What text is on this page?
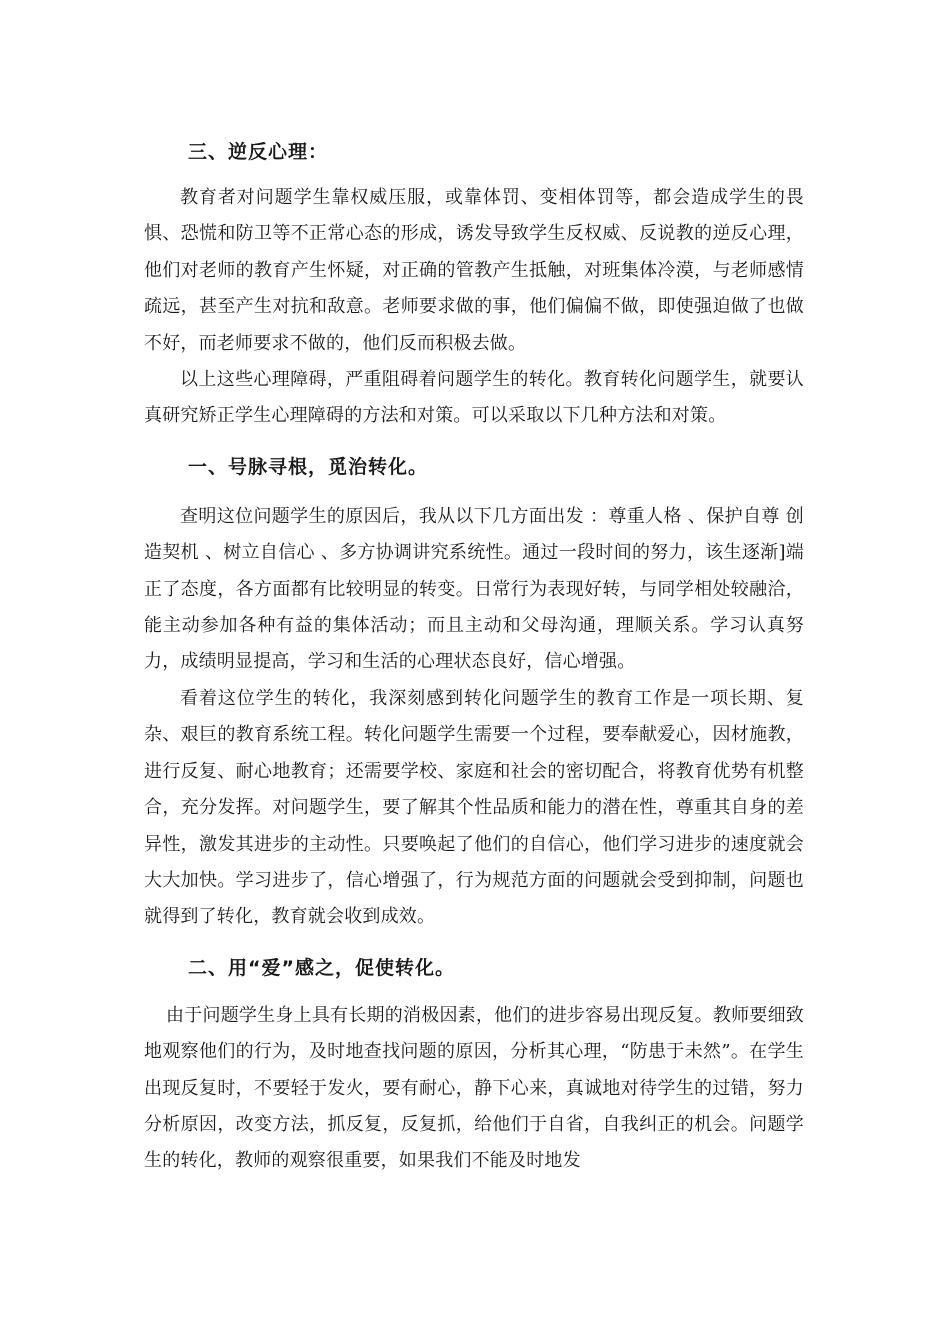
三、逆反心理：

教育者对问题学生靠权威压服，或靠体罚、变相体罚等，都会造成学生的畏惧、恐慌和防卫等不正常心态的形成，诱发导致学生反权威、反说教的逆反心理，他们对老师的教育产生怀疑，对正确的管教产生抵触，对班集体冷漠，与老师感情疏远，甚至产生对抗和敌意。老师要求做的事，他们偏偏不做，即使强迫做了也做不好，而老师要求不做的，他们反而积极去做。

以上这些心理障碍，严重阻碍着问题学生的转化。教育转化问题学生，就要认真研究矫正学生心理障碍的方法和对策。可以采取以下几种方法和对策。

一、号脉寻根，觅治转化。

查明这位问题学生的原因后，我从以下几方面出发 ：尊重人格 、保护自尊 创造契机 、树立自信心 、多方协调讲究系统性。通过一段时间的努力，该生逐渐]端正了态度，各方面都有比较明显的转变。日常行为表现好转，与同学相处较融洽，能主动参加各种有益的集体活动；而且主动和父母沟通，理顺关系。学习认真努力，成绩明显提高，学习和生活的心理状态良好，信心增强。

看着这位学生的转化，我深刻感到转化问题学生的教育工作是一项长期、复杂、艰巨的教育系统工程。转化问题学生需要一个过程，要奉献爱心，因材施教，进行反复、耐心地教育；还需要学校、家庭和社会的密切配合，将教育优势有机整合，充分发挥。对问题学生，要了解其个性品质和能力的潜在性，尊重其自身的差异性，激发其进步的主动性。只要唤起了他们的自信心，他们学习进步的速度就会大大加快。学习进步了，信心增强了，行为规范方面的问题就会受到抑制，问题也就得到了转化，教育就会收到成效。

二、用“爱”感之，促使转化。

由于问题学生身上具有长期的消极因素，他们的进步容易出现反复。教师要细致地观察他们的行为，及时地查找问题的原因，分析其心理，“防患于未然”。在学生出现反复时，不要轻于发火，要有耐心，静下心来，真诚地对待学生的过错，努力分析原因，改变方法，抓反复，反复抓，给他们于自省，自我纠正的机会。问题学生的转化，教师的观察很重要，如果我们不能及时地发
